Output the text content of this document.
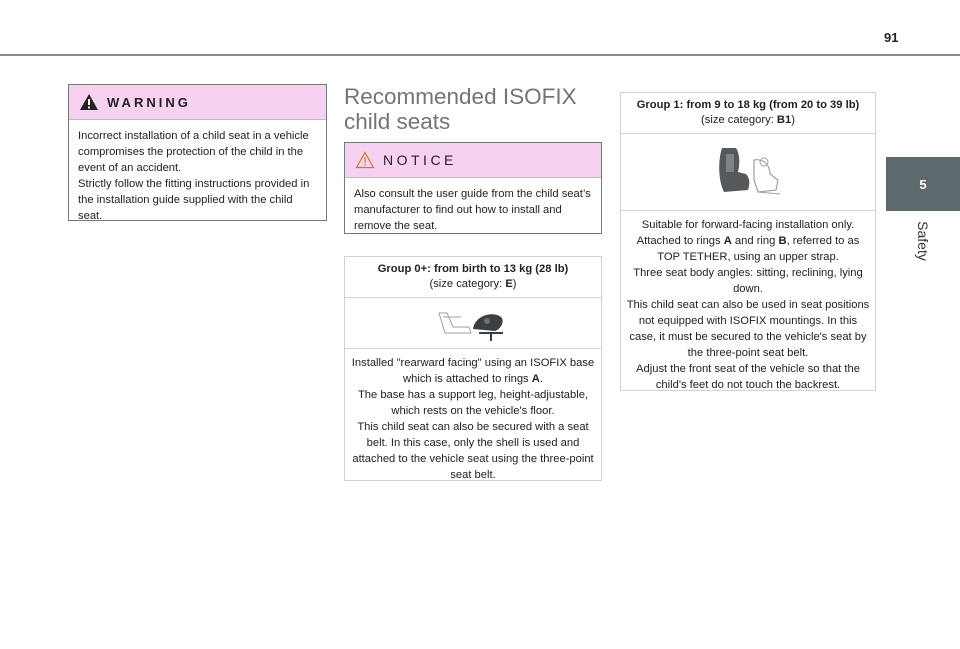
91
5
Safety
WARNING
Incorrect installation of a child seat in a vehicle compromises the protection of the child in the event of an accident.
Strictly follow the fitting instructions provided in the installation guide supplied with the child seat.
Recommended ISOFIX
child seats
NOTICE
Also consult the user guide from the child seat’s manufacturer to find out how to install and remove the seat.
Group 0+: from birth to 13 kg (28 lb)
(size category: E)

Installed "rearward facing" using an ISOFIX base which is attached to rings A.

The base has a support leg, height-adjustable, which rests on the vehicle's floor.

This child seat can also be secured with a seat belt. In this case, only the shell is used and attached to the vehicle seat using the three-point seat belt.

Group 1: from 9 to 18 kg (from 20 to 39 lb)
(size category: B1)

Suitable for forward-facing installation only.

Attached to rings A and ring B, referred to as TOP TETHER, using an upper strap.

Three seat body angles: sitting, reclining, lying down.

This child seat can also be used in seat positions not equipped with ISOFIX mountings. In this case, it must be secured to the vehicle's seat by the three-point seat belt.

Adjust the front seat of the vehicle so that the child's feet do not touch the backrest.
